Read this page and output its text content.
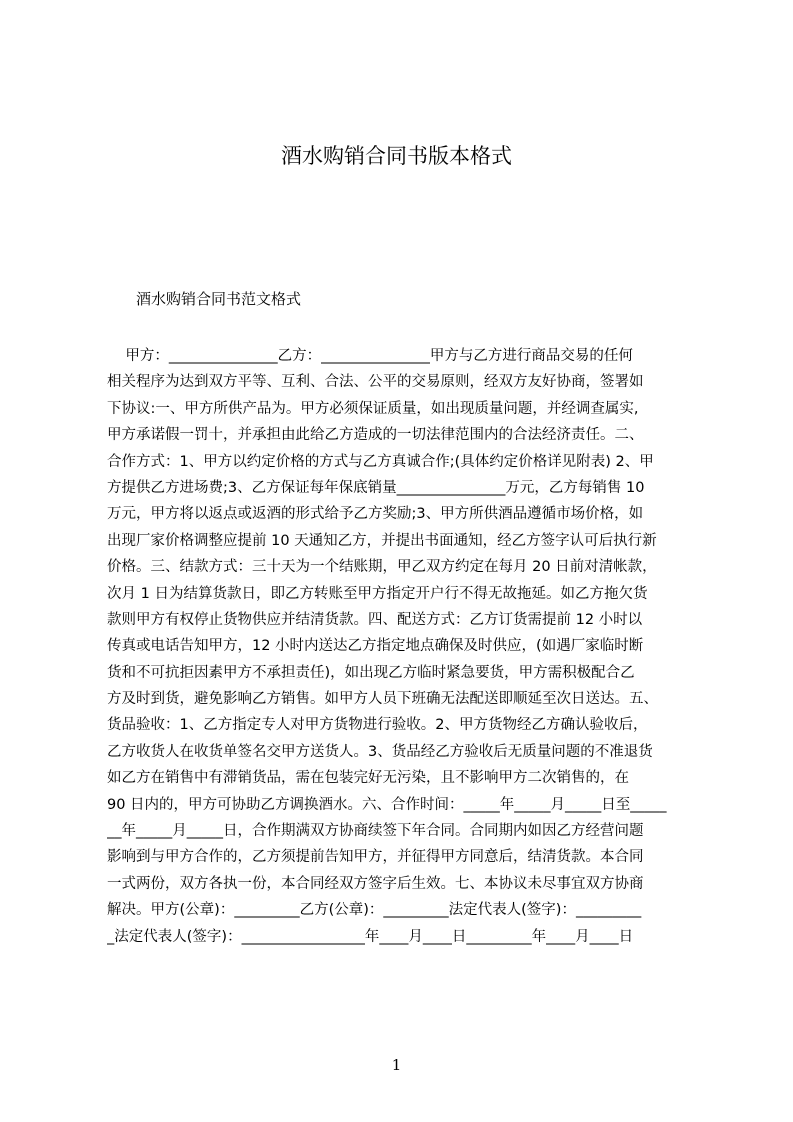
酒水购销合同书版本格式
酒水购销合同书范文格式
甲方：_______________乙方：_______________甲方与乙方进行商品交易的任何
相关程序为达到双方平等、互利、合法、公平的交易原则，经双方友好协商，签署如
下协议:一、甲方所供产品为。甲方必须保证质量，如出现质量问题，并经调查属实,
甲方承诺假一罚十，并承担由此给乙方造成的一切法律范围内的合法经济责任。二、
合作方式：1、甲方以约定价格的方式与乙方真诚合作;(具体约定价格详见附表) 2、甲
方提供乙方进场费;3、乙方保证每年保底销量_______________万元，乙方每销售 10
万元，甲方将以返点或返酒的形式给予乙方奖励;3、甲方所供酒品遵循市场价格，如
出现厂家价格调整应提前 10 天通知乙方，并提出书面通知，经乙方签字认可后执行新
价格。三、结款方式：三十天为一个结账期，甲乙双方约定在每月 20 日前对清帐款，
次月 1 日为结算货款日，即乙方转账至甲方指定开户行不得无故拖延。如乙方拖欠货
款则甲方有权停止货物供应并结清货款。四、配送方式：乙方订货需提前 12 小时以
传真或电话告知甲方，12 小时内送达乙方指定地点确保及时供应，(如遇厂家临时断
货和不可抗拒因素甲方不承担责任)，如出现乙方临时紧急要货，甲方需积极配合乙
方及时到货，避免影响乙方销售。如甲方人员下班确无法配送即顺延至次日送达。五、
货品验收：1、乙方指定专人对甲方货物进行验收。2、甲方货物经乙方确认验收后，
乙方收货人在收货单签名交甲方送货人。3、货品经乙方验收后无质量问题的不准退货
如乙方在销售中有滞销货品，需在包装完好无污染，且不影响甲方二次销售的，在
90 日内的，甲方可协助乙方调换酒水。六、合作时间：_____年_____月_____日至_____
__年_____月_____日，合作期满双方协商续签下年合同。合同期内如因乙方经营问题
影响到与甲方合作的，乙方须提前告知甲方，并征得甲方同意后，结清货款。本合同
一式两份，双方各执一份，本合同经双方签字后生效。七、本协议未尽事宜双方协商
解决。甲方(公章)：_________乙方(公章)：_________法定代表人(签字)：_________
_法定代表人(签字)：_________________年____月____日_________年____月____日
1
